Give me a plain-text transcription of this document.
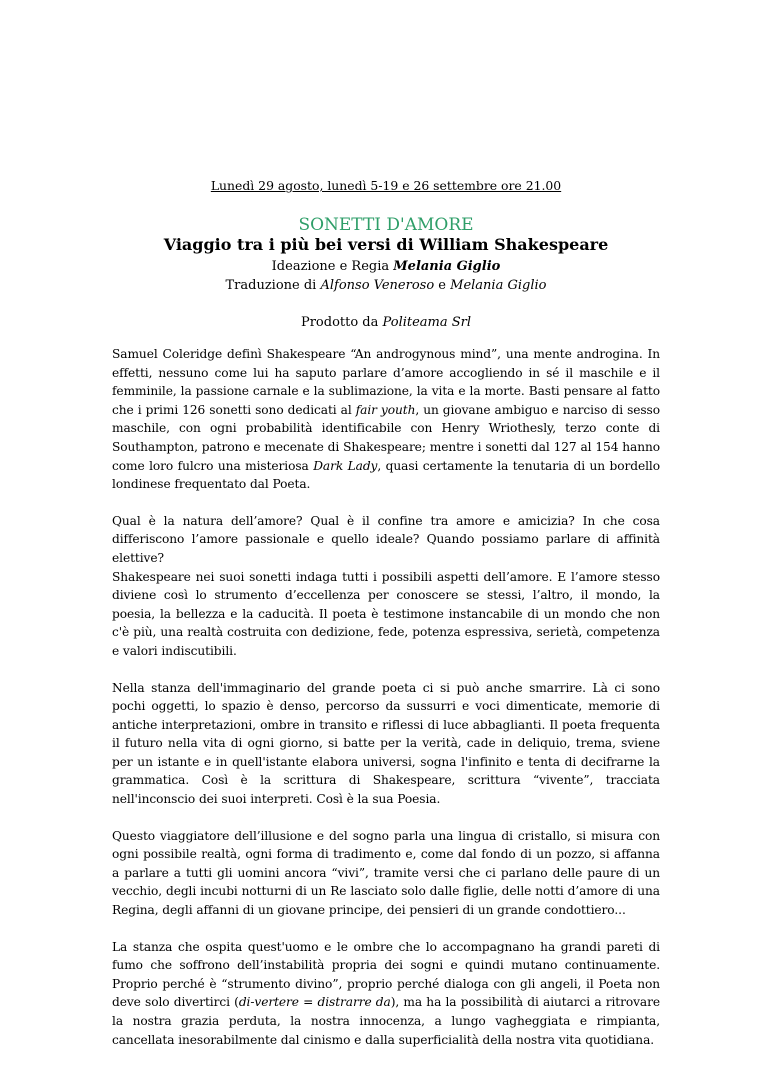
Lunedì 29 agosto, lunedì 5-19 e 26 settembre ore 21.00

SONETTI D'AMORE

Viaggio tra i più bei versi di William Shakespeare

Ideazione e Regia Melania Giglio

Traduzione di Alfonso Veneroso e Melania Giglio

Prodotto da Politeama Srl

Samuel Coleridge definì Shakespeare “An androgynous mind”, una mente androgina. In effetti, nessuno come lui ha saputo parlare d’amore accogliendo in sé il maschile e il femminile, la passione carnale e la sublimazione, la vita e la morte. Basti pensare al fatto che i primi 126 sonetti sono dedicati al fair youth, un giovane ambiguo e narciso di sesso maschile, con ogni probabilità identificabile con Henry Wriothesly, terzo conte di Southampton, patrono e mecenate di Shakespeare; mentre i sonetti dal 127 al 154 hanno come loro fulcro una misteriosa Dark Lady, quasi certamente la tenutaria di un bordello londinese frequentato dal Poeta.

Qual è la natura dell’amore? Qual è il confine tra amore e amicizia? In che cosa differiscono l’amore passionale e quello ideale? Quando possiamo parlare di affinità elettive?

Shakespeare nei suoi sonetti indaga tutti i possibili aspetti dell’amore. E l’amore stesso diviene così lo strumento d’eccellenza per conoscere se stessi, l’altro, il mondo, la poesia, la bellezza e la caducità. Il poeta è testimone instancabile di un mondo che non c'è più, una realtà costruita con dedizione, fede, potenza espressiva, serietà, competenza e valori indiscutibili.

Nella stanza dell'immaginario del grande poeta ci si può anche smarrire. Là ci sono pochi oggetti, lo spazio è denso, percorso da sussurri e voci dimenticate, memorie di antiche interpretazioni, ombre in transito e riflessi di luce abbaglianti. Il poeta frequenta il futuro nella vita di ogni giorno, si batte per la verità, cade in deliquio, trema, sviene per un istante e in quell'istante elabora universi, sogna l'infinito e tenta di decifrarne la grammatica. Così è la scrittura di Shakespeare, scrittura “vivente”, tracciata nell'inconscio dei suoi interpreti. Così è la sua Poesia.

Questo viaggiatore dell’illusione e del sogno parla una lingua di cristallo, si misura con ogni possibile realtà, ogni forma di tradimento e, come dal fondo di un pozzo, si affanna a parlare a tutti gli uomini ancora “vivi”, tramite versi che ci parlano delle paure di un vecchio, degli incubi notturni di un Re lasciato solo dalle figlie, delle notti d’amore di una Regina, degli affanni di un giovane principe, dei pensieri di un grande condottiero...

La stanza che ospita quest'uomo e le ombre che lo accompagnano ha grandi pareti di fumo che soffrono dell’instabilità propria dei sogni e quindi mutano continuamente. Proprio perché è “strumento divino”, proprio perché dialoga con gli angeli, il Poeta non deve solo divertirci (di-vertere = distrarre da), ma ha la possibilità di aiutarci a ritrovare la nostra grazia perduta, la nostra innocenza, a lungo vagheggiata e rimpianta, cancellata inesorabilmente dal cinismo e dalla superficialità della nostra vita quotidiana.
